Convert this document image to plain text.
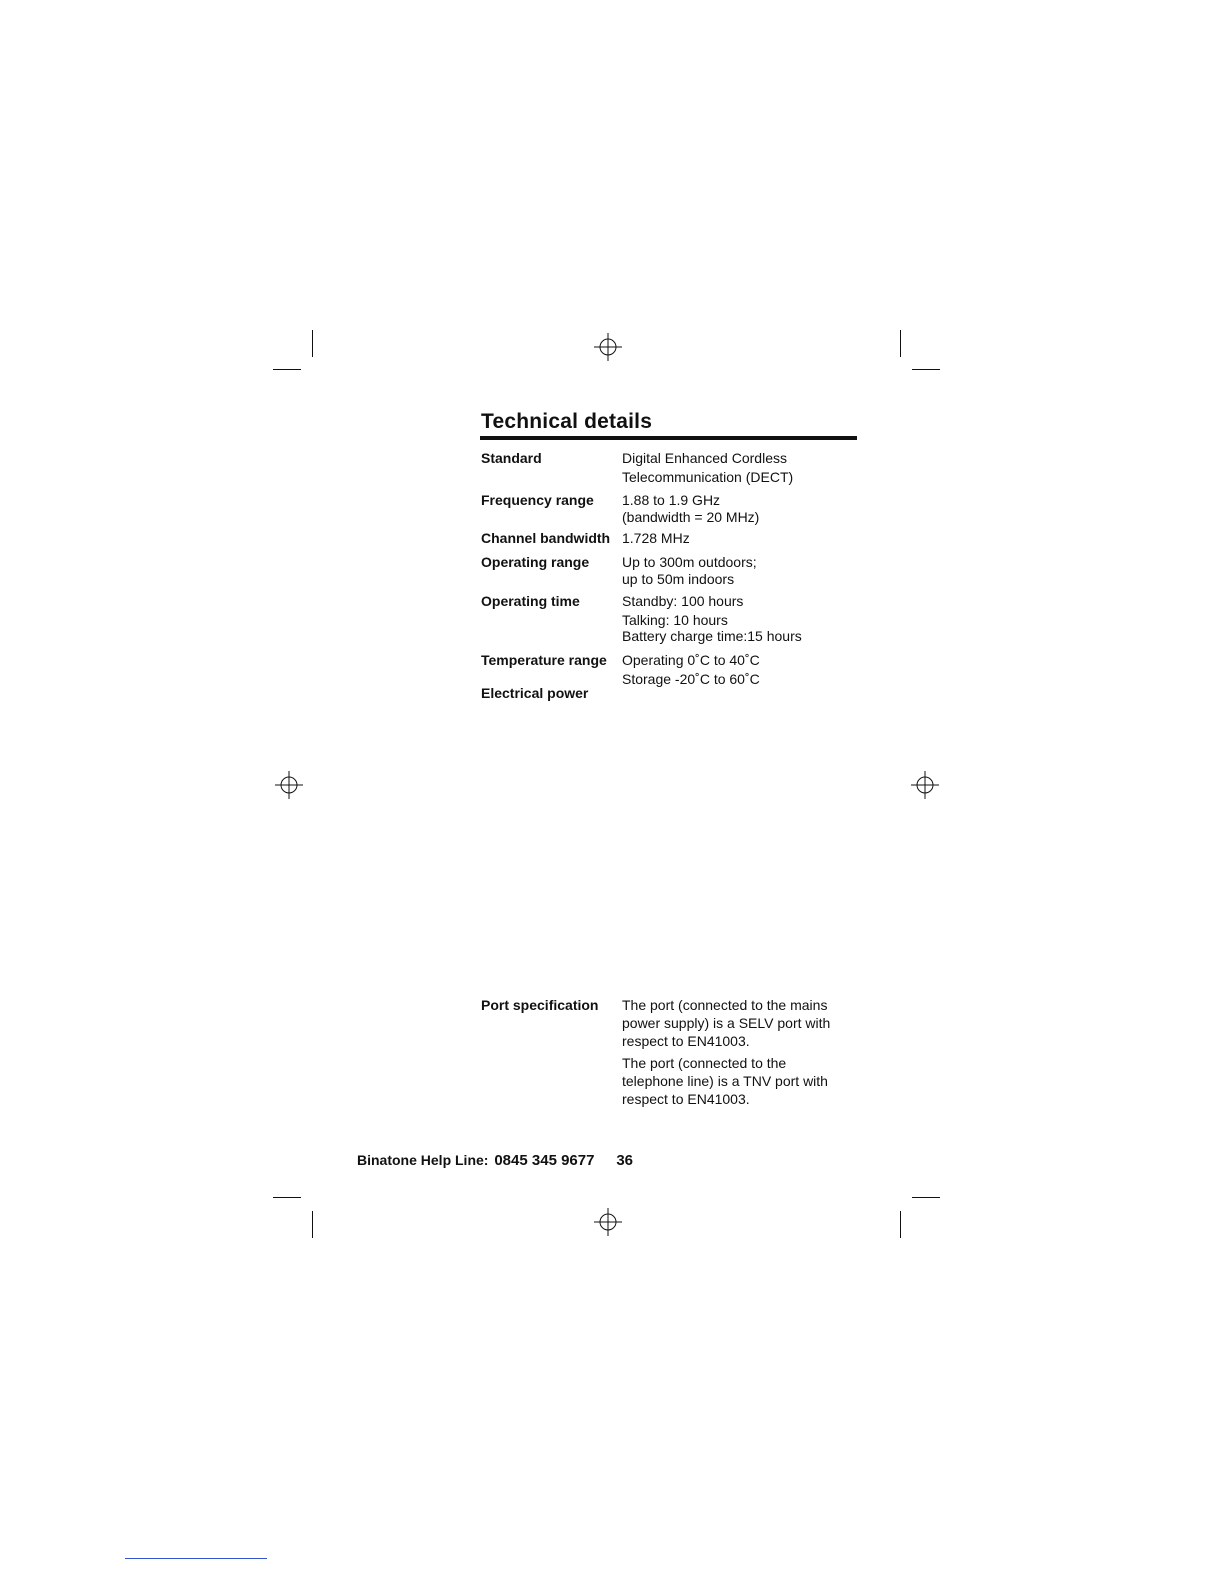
Technical details
Standard	Digital Enhanced Cordless
Telecommunication (DECT)
Frequency range 1.88 to 1.9 GHz
(bandwidth = 20 MHz)
Channel bandwidth 1.728 MHz
Operating range Up to 300m outdoors;
up to 50m indoors
Operating time	Standby: 100 hours
Talking: 10 hours
Battery charge time:15 hours
Temperature range Operating 0˚C to 40˚C
Storage -20˚C to 60˚C
Electrical power
Port specification The port (connected to the mains
power supply) is a SELV port with
respect to EN41003.
The port (connected to the
telephone line) is a TNV port with
respect to EN41003.
Binatone Help Line: 0845 345 9677 36
